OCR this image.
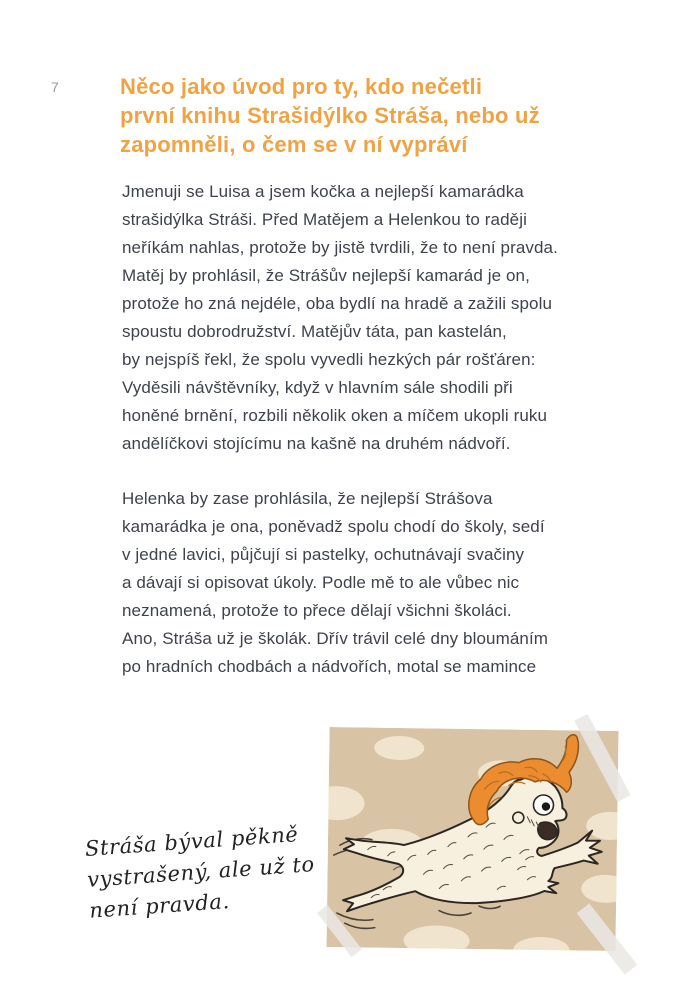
7	Něco jako úvod pro ty, kdo nečetli
první knihu Strašidýlko Stráša, nebo už
zapomněli, o čem se v ní vypráví

Jmenuji se Luisa a jsem kočka a nejlepší kamarádka
strašidýlka Stráši. Před Matějem a Helenkou to raději
neříkám nahlas, protože by jistě tvrdili, že to není pravda.
Matěj by prohlásil, že Strášův nejlepší kamarád je on,
protože ho zná nejdéle, oba bydlí na hradě a zažili spolu
spoustu dobrodružství. Matějův táta, pan kastelán,
by nejspíš řekl, že spolu vyvedli hezkých pár rošťáren:
Vyděsili návštěvníky, když v hlavním sále shodili při
honěné brnění, rozbili několik oken a míčem ukopli ruku
andělíčkovi stojícímu na kašně na druhém nádvoří.

Helenka by zase prohlásila, že nejlepší Strášova
kamarádka je ona, poněvadž spolu chodí do školy, sedí
v jedné lavici, půjčují si pastelky, ochutnávají svačiny
a dávají si opisovat úkoly. Podle mě to ale vůbec nic
neznamená, protože to přece dělají všichni školáci.
Ano, Stráša už je školák. Dřív trávil celé dny bloumáním
po hradních chodbách a nádvořích, motal se mamince

Stráša býval pěkně
vystrašený, ale už to
není pravda.
